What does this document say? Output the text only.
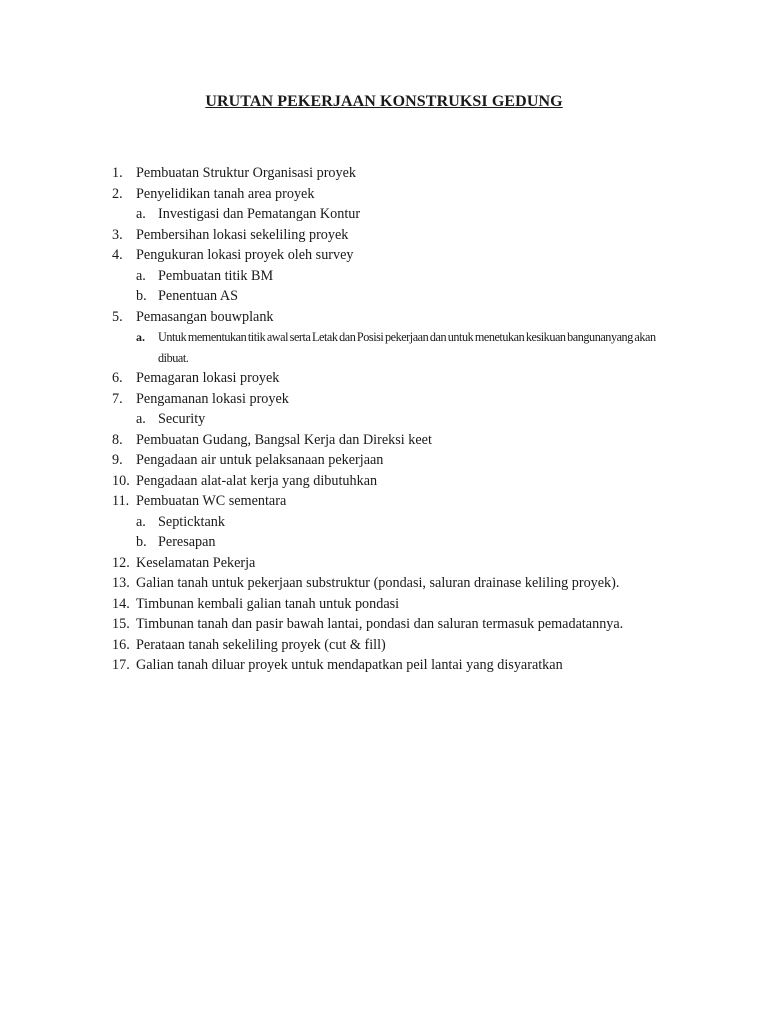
URUTAN PEKERJAAN KONSTRUKSI GEDUNG
1. Pembuatan Struktur Organisasi proyek
2. Penyelidikan tanah area proyek
a. Investigasi dan Pematangan Kontur
3. Pembersihan lokasi sekeliling proyek
4. Pengukuran lokasi proyek oleh survey
a. Pembuatan titik BM
b. Penentuan AS
5. Pemasangan bouwplank
a.	Untuk mementukan titik awal serta Letak dan Posisi pekerjaan dan untuk menetukan kesikuan bangunanyang akan dibuat.
6. Pemagaran lokasi proyek
7. Pengamanan lokasi proyek
a. Security
8. Pembuatan Gudang, Bangsal Kerja dan Direksi keet
9. Pengadaan air untuk pelaksanaan pekerjaan
10. Pengadaan alat-alat kerja yang dibutuhkan
11. Pembuatan WC sementara
a. Septicktank
b. Peresapan
12. Keselamatan Pekerja
13. Galian tanah untuk pekerjaan substruktur (pondasi, saluran drainase keliling proyek).
14. Timbunan kembali galian tanah untuk pondasi
15. Timbunan tanah dan pasir bawah lantai, pondasi dan saluran termasuk pemadatannya.
16. Perataan tanah sekeliling proyek (cut & fill)
17. Galian tanah diluar proyek untuk mendapatkan peil lantai yang disyaratkan
